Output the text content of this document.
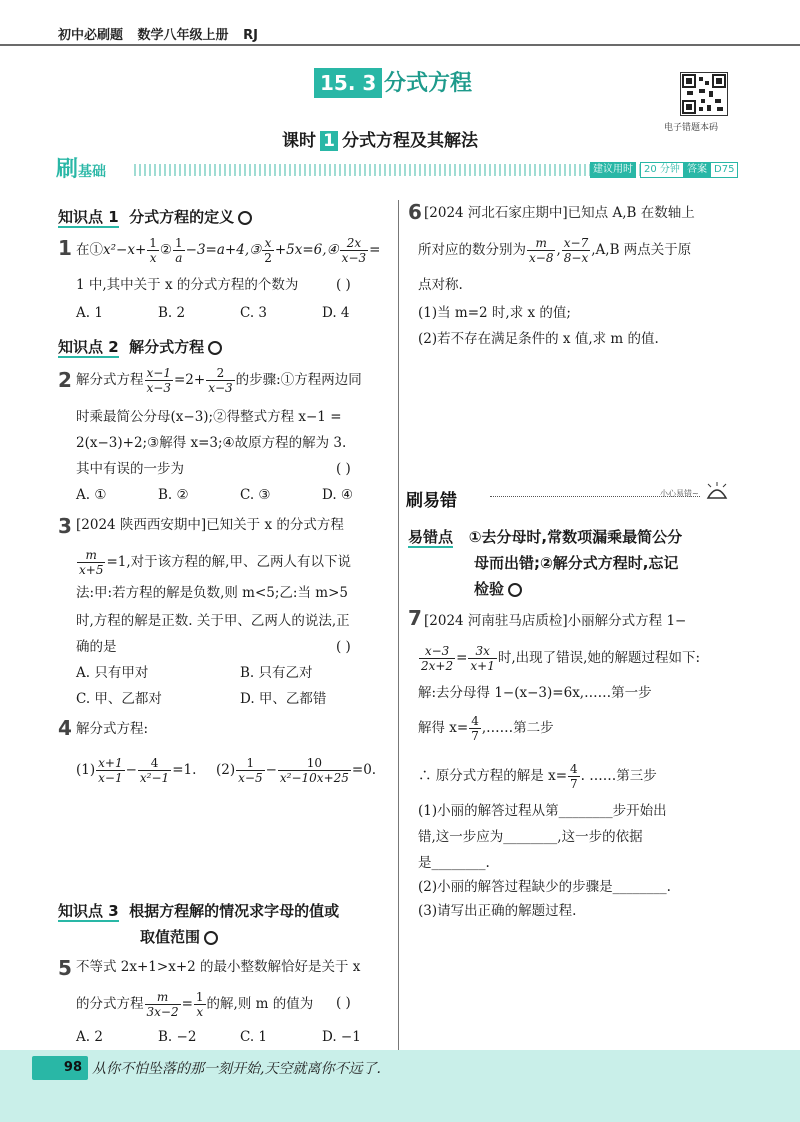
初中必刷题 数学八年级上册 RJ
15. 3 分式方程
电子错题本码
课时 1 分式方程及其解法
刷基础	建议用时	20 分钟 答案 D75
知识点 1 分式方程的定义
1 在①x²−x+ $\frac{1}{x}$ ② $\frac{1}{a}$ −3=a+4,③ $\frac{x}{2}$ +5x=6,④ $\frac{2x}{x-3}$ =
1 中,其中关于 x 的分式方程的个数为	( )
A. 1	B. 2	C. 3	D. 4
知识点 2 解分式方程
2 解分式方程 $\frac{x-1}{x-3} =2+ \frac{2}{x-3}$ 的步骤:①方程两边同
时乘最简公分母(x−3);②得整式方程 x−1 =
2(x−3)+2;③解得 x=3;④故原方程的解为 3.
其中有误的一步为	( )
A. ①	B. ②	C. ③	D. ④
3 [2024 陕西西安期中]已知关于 x 的分式方程
$\frac{m}{x+5} =1$,对于该方程的解,甲、乙两人有以下说
法:甲:若方程的解是负数,则 m<5;乙:当 m>5
时,方程的解是正数. 关于甲、乙两人的说法,正
确的是	( )
A. 只有甲对	B. 只有乙对
C. 甲、乙都对	D. 甲、乙都错
4 解分式方程:
$(1) \frac{x+1}{x-1} - \frac{4}{\text{x²−1}} =1$. $(2) \frac{1}{x-5} - \frac{10}{\text{x²−10x+25}} =0$.
知识点 3 根据方程解的情况求字母的值或
取值范围
5 不等式 2x+1>x+2 的最小整数解恰好是关于 x
的分式方程 $\frac{m}{3x-2} = \frac{1}{x}$ 的解,则 m 的值为 ( )
A. 2	B. −2	C. 1	D. −1
6 [2024 河北石家庄期中]已知点 A,B 在数轴上
所对应的数分别为 $\frac{m}{x-8}$ , $\frac{x-7}{8-x} ,A,B$ 两点关于原
点对称.
(1)当 m=2 时,求 x 的值;
(2)若不存在满足条件的 x 值,求 m 的值.
刷易错	小心易错~
易错点 ①去分母时,常数项漏乘最简公分
母而出错;②解分式方程时,忘记
检验
7 [2024 河南驻马店质检]小丽解分式方程 1−
$\frac{x-3}{2x+2} = \frac{3x}{x+1}$ 时,出现了错误,她的解题过程如下:
解:去分母得 1−(x−3)=6x,……第一步
解得 $x= \frac{4}{7}$ ,……第二步
∴ 原分式方程的解是 $x= \frac{4}{7}$ . ……第三步
(1)小丽的解答过程从第________步开始出
错,这一步应为________,这一步的依据
是________.
(2)小丽的解答过程缺少的步骤是________.
(3)请写出正确的解题过程.
98 从你不怕坠落的那一刻开始,天空就离你不远了.
